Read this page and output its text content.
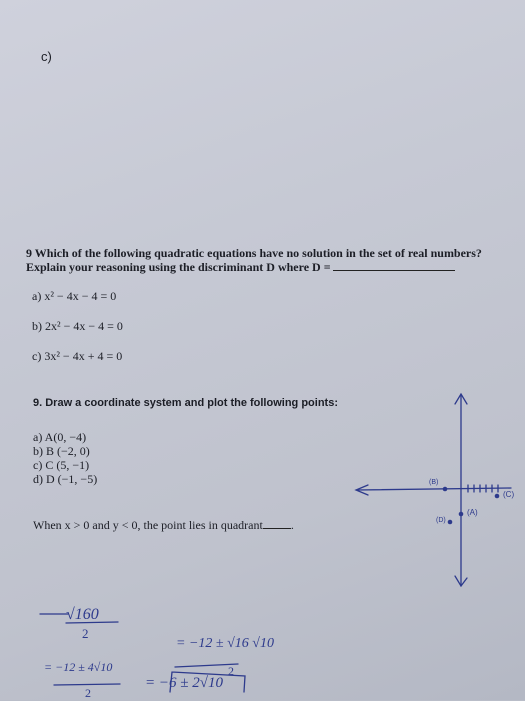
c)
9 Which of the following quadratic equations have no solution in the set of real numbers?
Explain your reasoning using the discriminant D where D =
a) x² − 4x − 4 = 0
b) 2x² − 4x − 4 = 0
c) 3x² − 4x + 4 = 0
9. Draw a coordinate system and plot the following points:
a) A(0, −4)
b) B (−2, 0)
c) C (5, −1)
d) D (−1, −5)
When x > 0 and y < 0, the point lies in quadrant .
(B)
(C)
(A)
(D)
√160
2
= −12 ± 4√10
2
= −12 ± √16 √10
2
= −6 ± 2√10
